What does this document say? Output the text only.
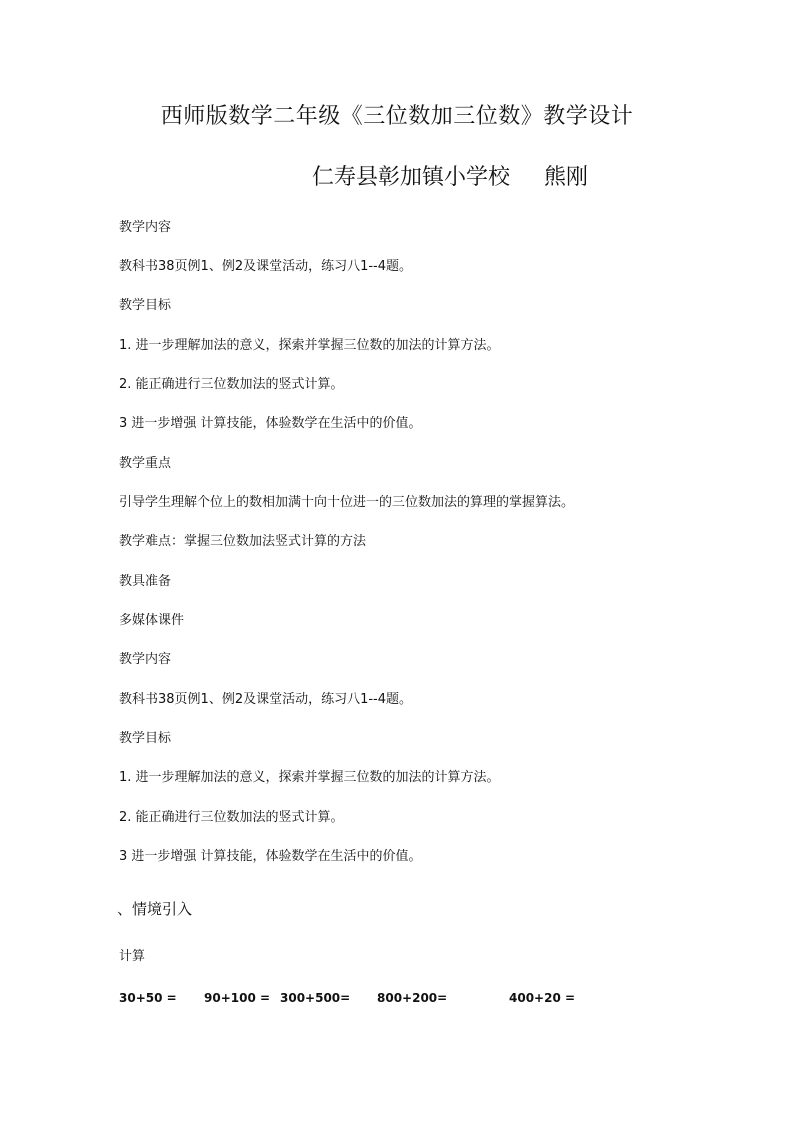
西师版数学二年级《三位数加三位数》教学设计
仁寿县彰加镇小学校 熊刚
教学内容
教科书38页例1、例2及课堂活动，练习八1--4题。
教学目标
1. 进一步理解加法的意义，探索并掌握三位数的加法的计算方法。
2. 能正确进行三位数加法的竖式计算。
3 进一步增强 计算技能，体验数学在生活中的价值。
教学重点
引导学生理解个位上的数相加满十向十位进一的三位数加法的算理的掌握算法。
教学难点：掌握三位数加法竖式计算的方法
教具准备
多媒体课件
教学内容
教科书38页例1、例2及课堂活动，练习八1--4题。
教学目标
1. 进一步理解加法的意义，探索并掌握三位数的加法的计算方法。
2. 能正确进行三位数加法的竖式计算。
3 进一步增强 计算技能，体验数学在生活中的价值。
、情境引入
计算
30+50 = 90+100 = 300+500= 800+200=	400+20 =
